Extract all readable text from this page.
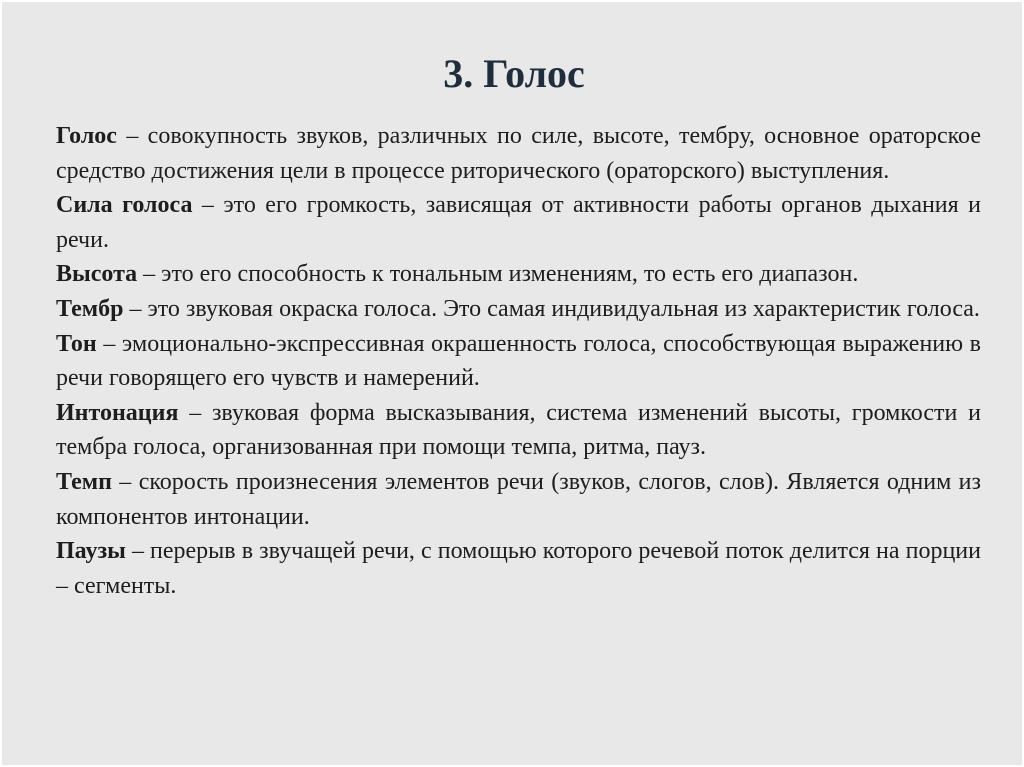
3. Голос

Голос – совокупность звуков, различных по силе, высоте, тембру, основное ораторское средство достижения цели в процессе риторического (ораторского) выступления.

Сила голоса – это его громкость, зависящая от активности работы органов дыхания и речи.

Высота – это его способность к тональным изменениям, то есть его диапазон.

Тембр – это звуковая окраска голоса. Это самая индивидуальная из характеристик голоса.

Тон – эмоционально-экспрессивная окрашенность голоса, способствующая выражению в речи говорящего его чувств и намерений.

Интонация – звуковая форма высказывания, система изменений высоты, громкости и тембра голоса, организованная при помощи темпа, ритма, пауз.

Темп – скорость произнесения элементов речи (звуков, слогов, слов). Является одним из компонентов интонации.

Паузы – перерыв в звучащей речи, с помощью которого речевой поток делится на порции – сегменты.
